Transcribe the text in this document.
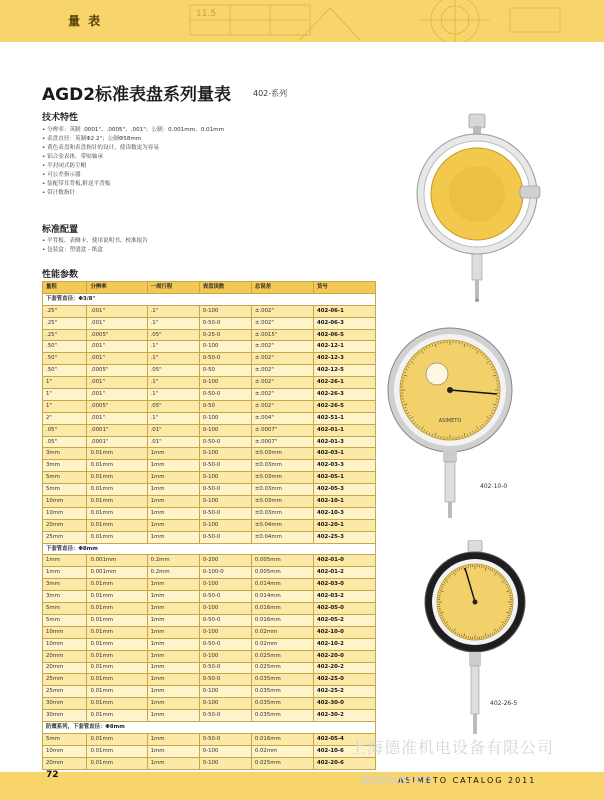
11.5
量 表
AGD2标准表盘系列量表	402-系列
技术特性
• 分辨率：英制 .0001"、.0005"、.001"；公制：0.001mm、0.01mm
• 表盘直径：英制Φ2.2"；公制Φ58mm
• 黄色表盘和表盘指针的设计，使读数更为容易
• 铝合金表体，带贴轴承
• 半封闭式防尘帽
• 可公差指示器
• 装配带耳背板,附送平背板
• 带计数指针
标准配置
• 平背板、表侧卡、使用说明书、校准报告
• 包装盒：塑盛盒 - 纸盒
性能参数
量程	分辨率	一周行程	表盘读数	总误差	货号
下套管直径：Φ3/8"					
.25"	.001"	.1"	0-100	±.002"	402-06-1
.25"	.001"	.1"	0-50-0	±.002"	402-06-3
.25"	.0005"	.05"	0-25-0	±.0015"	402-06-5
.50"	.001"	.1"	0-100	±.002"	402-12-1
.50"	.001"	.1"	0-50-0	±.002"	402-12-3
.50"	.0005"	.05"	0-50	±.002"	402-12-5
1"	.001"	.1"	0-100	±.002"	402-26-1
1"	.001"	.1"	0-50-0	±.002"	402-26-3
1"	.0005"	.05"	0-50	±.002"	402-26-5
2"	.001"	.1"	0-100	±.004"	402-51-1
.05"	.0001"	.01"	0-100	±.0007"	402-01-1
.05"	.0001"	.01"	0-50-0	±.0007"	402-01-3
3mm	0.01mm	1mm	0-100	±0.03mm	402-03-1
3mm	0.01mm	1mm	0-50-0	±0.03mm	402-03-3
5mm	0.01mm	1mm	0-100	±0.03mm	402-05-1
5mm	0.01mm	1mm	0-50-0	±0.03mm	402-05-3
10mm	0.01mm	1mm	0-100	±0.03mm	402-10-1
10mm	0.01mm	1mm	0-50-0	±0.03mm	402-10-3
20mm	0.01mm	1mm	0-100	±0.04mm	402-20-1
25mm	0.01mm	1mm	0-50-0	±0.04mm	402-25-3
下套管直径：Φ8mm					
1mm	0.001mm	0.2mm	0-200	0.005mm	402-01-0
1mm	0.001mm	0.2mm	0-100-0	0.005mm	402-01-2
3mm	0.01mm	1mm	0-100	0.014mm	402-03-0
3mm	0.01mm	1mm	0-50-0	0.014mm	402-03-2
5mm	0.01mm	1mm	0-100	0.016mm	402-05-0
5mm	0.01mm	1mm	0-50-0	0.016mm	402-05-2
10mm	0.01mm	1mm	0-100	0.02mm	402-10-0
10mm	0.01mm	1mm	0-50-0	0.02mm	402-10-2
20mm	0.01mm	1mm	0-100	0.025mm	402-20-0
20mm	0.01mm	1mm	0-50-0	0.025mm	402-20-2
25mm	0.01mm	1mm	0-50-0	0.035mm	402-25-0
25mm	0.01mm	1mm	0-100	0.035mm	402-25-2
30mm	0.01mm	1mm	0-100	0.035mm	402-30-0
30mm	0.01mm	1mm	0-50-0	0.035mm	402-30-2
防震系列，下套管直径：Φ8mm					
5mm	0.01mm	1mm	0-50-0	0.016mm	402-05-4
10mm	0.01mm	1mm	0-100	0.02mm	402-10-6
20mm	0.01mm	1mm	0-100	0.025mm	402-20-6
ASIMETO
402-10-0
402-26-5
上海德准机电设备有限公司
72
ASIMETO CATALOG 2011
dezhun.cn
